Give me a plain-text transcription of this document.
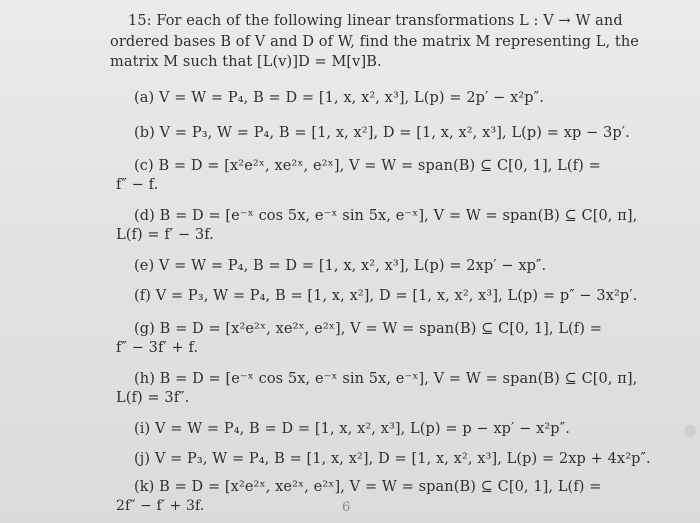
15: For each of the following linear transformations L : V → W and
ordered bases B of V and D of W, find the matrix M representing L, the
matrix M such that [L(v)]D = M[v]B.
(a) V = W = P₄, B = D = [1, x, x², x³], L(p) = 2p′ − x²p″.
(b) V = P₃, W = P₄, B = [1, x, x²], D = [1, x, x², x³], L(p) = xp − 3p′.
(c) B = D = [x²e²ˣ, xe²ˣ, e²ˣ], V = W = span(B) ⊆ C[0, 1], L(f) =
f″ − f.
(d) B = D = [e⁻ˣ cos 5x, e⁻ˣ sin 5x, e⁻ˣ], V = W = span(B) ⊆ C[0, π],
L(f) = f′ − 3f.
(e) V = W = P₄, B = D = [1, x, x², x³], L(p) = 2xp′ − xp″.
(f) V = P₃, W = P₄, B = [1, x, x²], D = [1, x, x², x³], L(p) = p″ − 3x²p′.
(g) B = D = [x²e²ˣ, xe²ˣ, e²ˣ], V = W = span(B) ⊆ C[0, 1], L(f) =
f″ − 3f′ + f.
(h) B = D = [e⁻ˣ cos 5x, e⁻ˣ sin 5x, e⁻ˣ], V = W = span(B) ⊆ C[0, π],
L(f) = 3f″.
(i) V = W = P₄, B = D = [1, x, x², x³], L(p) = p − xp′ − x²p″.
(j) V = P₃, W = P₄, B = [1, x, x²], D = [1, x, x², x³], L(p) = 2xp + 4x²p″.
(k) B = D = [x²e²ˣ, xe²ˣ, e²ˣ], V = W = span(B) ⊆ C[0, 1], L(f) =
2f″ − f′ + 3f.	6
